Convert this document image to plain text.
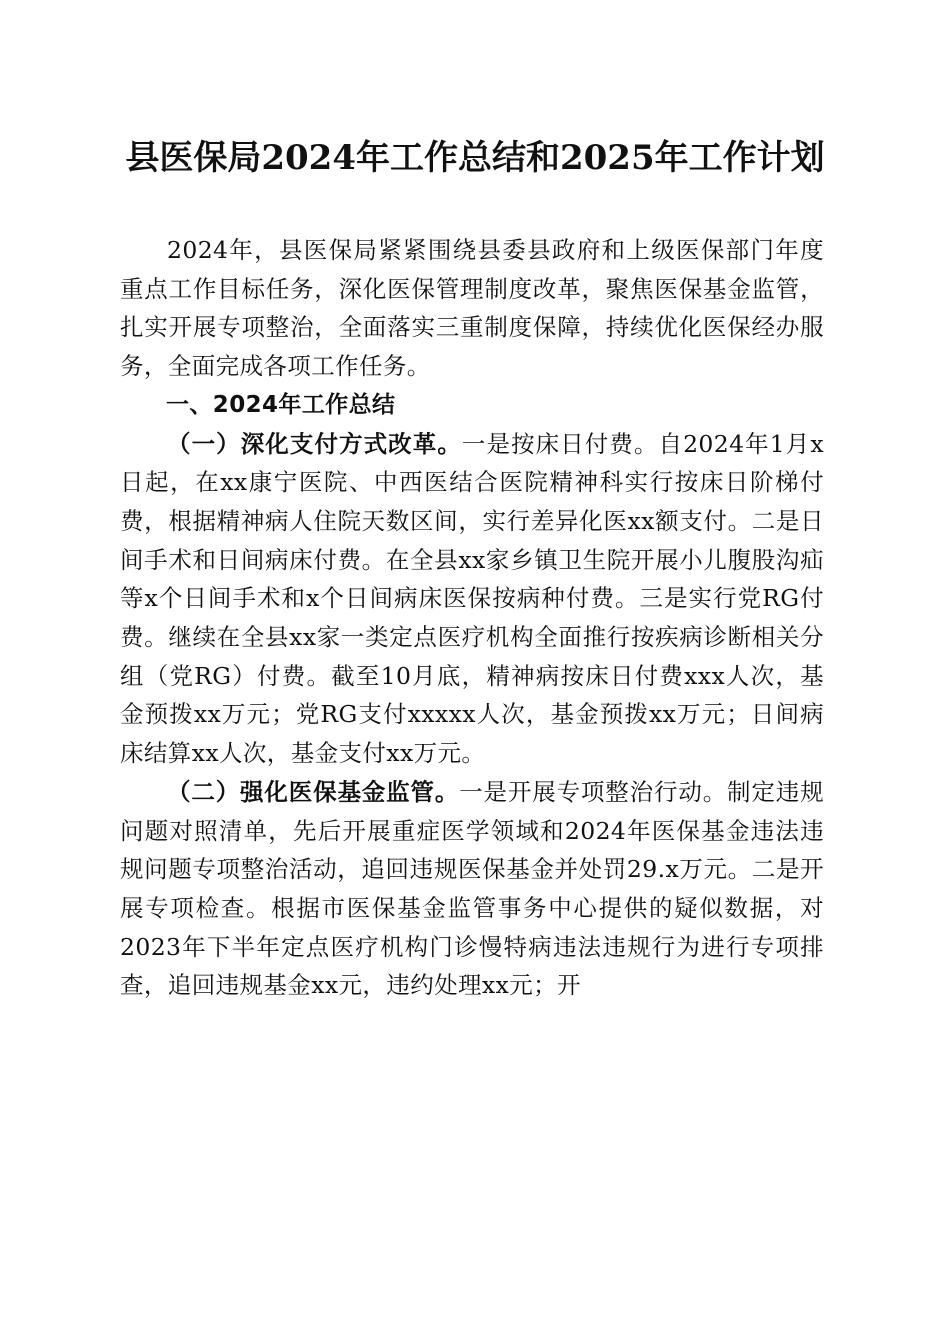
县医保局2024年工作总结和2025年工作计划

2024年，县医保局紧紧围绕县委县政府和上级医保部门年度重点工作目标任务，深化医保管理制度改革，聚焦医保基金监管，扎实开展专项整治，全面落实三重制度保障，持续优化医保经办服务，全面完成各项工作任务。

一、2024年工作总结

（一）深化支付方式改革。一是按床日付费。自2024年1月x日起，在xx康宁医院、中西医结合医院精神科实行按床日阶梯付费，根据精神病人住院天数区间，实行差异化医xx额支付。二是日间手术和日间病床付费。在全县xx家乡镇卫生院开展小儿腹股沟疝等x个日间手术和x个日间病床医保按病种付费。三是实行党RG付费。继续在全县xx家一类定点医疗机构全面推行按疾病诊断相关分组（党RG）付费。截至10月底，精神病按床日付费xxx人次，基金预拨xx万元；党RG支付xxxxx人次，基金预拨xx万元；日间病床结算xx人次，基金支付xx万元。

（二）强化医保基金监管。一是开展专项整治行动。制定违规问题对照清单，先后开展重症医学领域和2024年医保基金违法违规问题专项整治活动，追回违规医保基金并处罚29.x万元。二是开展专项检查。根据市医保基金监管事务中心提供的疑似数据，对2023年下半年定点医疗机构门诊慢特病违法违规行为进行专项排查，追回违规基金xx元，违约处理xx元；开
